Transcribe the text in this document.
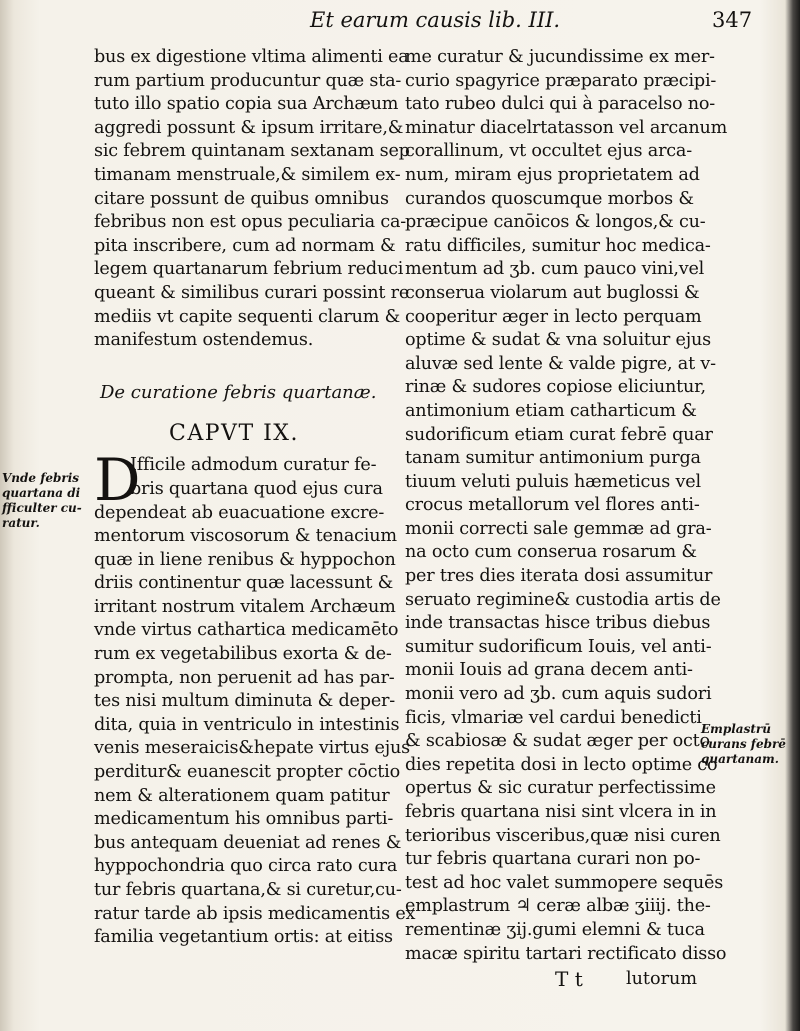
Et earum causis lib. III.	347
bus ex digestione vltima alimenti ea
rum partium producuntur quæ sta-
tuto illo spatio copia sua Archæum
aggredi possunt & ipsum irritare,&
sic febrem quintanam sextanam sep
timanam menstruale,& similem ex-
citare possunt de quibus omnibus
febribus non est opus peculiaria ca-
pita inscribere, cum ad normam &
legem quartanarum febrium reduci
queant & similibus curari possint re
mediis vt capite sequenti clarum &
manifestum ostendemus.
De curatione febris quartanæ.
CAPVT IX.
D
Ifficile admodum curatur fe-
bris quartana quod ejus cura
dependeat ab euacuatione excre-
mentorum viscosorum & tenacium
quæ in liene renibus & hyppochon
driis continentur quæ lacessunt &
irritant nostrum vitalem Archæum
vnde virtus cathartica medicamēto
rum ex vegetabilibus exorta & de-
prompta, non peruenit ad has par-
tes nisi multum diminuta & deper-
dita, quia in ventriculo in intestinis
venis meseraicis&hepate virtus ejus
perditur& euanescit propter cōctio
nem & alterationem quam patitur
medicamentum his omnibus parti-
bus antequam deueniat ad renes &
hyppochondria quo circa rato cura
tur febris quartana,& si curetur,cu-
ratur tarde ab ipsis medicamentis ex
familia vegetantium ortis: at eitiss
me curatur & jucundissime ex mer-
curio spagyrice præparato præcipi-
tato rubeo dulci qui à paracelso no-
minatur diacelrtatasson vel arcanum
corallinum, vt occultet ejus arca-
num, miram ejus proprietatem ad
curandos quoscumque morbos &
præcipue canōicos & longos,& cu-
ratu difficiles, sumitur hoc medica-
mentum ad ʒb. cum pauco vini,vel
conserua violarum aut buglossi &
cooperitur æger in lecto perquam
optime & sudat & vna soluitur ejus
aluvæ sed lente & valde pigre, at v-
rinæ & sudores copiose eliciuntur,
antimonium etiam catharticum &
sudorificum etiam curat febrē quar
tanam sumitur antimonium purga
tiuum veluti puluis hæmeticus vel
crocus metallorum vel flores anti-
monii correcti sale gemmæ ad gra-
na octo cum conserua rosarum &
per tres dies iterata dosi assumitur
seruato regimine& custodia artis de
inde transactas hisce tribus diebus
sumitur sudorificum Iouis, vel anti-
monii Iouis ad grana decem anti-
monii vero ad ʒb. cum aquis sudori
ficis, vlmariæ vel cardui benedicti
& scabiosæ & sudat æger per octo
dies repetita dosi in lecto optime co
opertus & sic curatur perfectissime
febris quartana nisi sint vlcera in in
terioribus visceribus,quæ nisi curen
tur febris quartana curari non po-
test ad hoc valet summopere sequēs
emplastrum ♃ ceræ albæ ʒiiij. the-
rementinæ ʒij.gumi elemni & tuca
macæ spiritu tartari rectificato disso
T t lutorum
Vnde febris
quartana di
fficulter cu-
ratur.
Emplastrū
curans febrē
quartanam.
